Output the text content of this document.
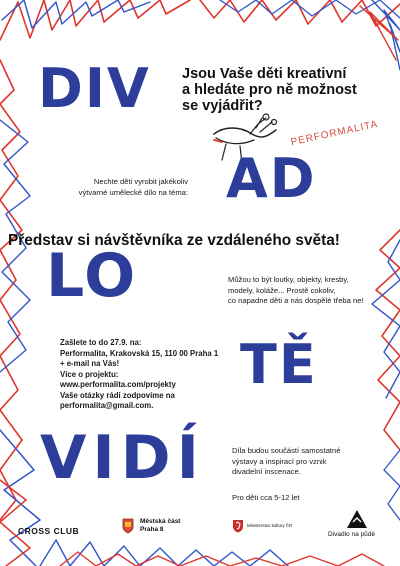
DIV
AD
LO
TĚ
VIDÍ
Jsou Vaše děti kreativní
a hledáte pro ně možnost
se vyjádřit?
PERFORMALITA
Nechte děti vyrobit jakékoliv
výtvarné umělecké dílo na téma:
Představ si návštěvníka ze vzdáleného světa!
Můžou to být loutky, objekty, kresby,
modely, koláže... Prostě cokoliv,
co napadne děti a nás dospělé třeba ne!
Zašlete to do 27.9. na:
Performalita, Krakovská 15, 110 00 Praha 1
+ e-mail na Vás!
Více o projektu:
www.performalita.com/projekty
Vaše otázky rádi zodpovíme na
performalita@gmail.com.
Díla budou součástí samostatné
výstavy a inspirací pro vznik
divadelní inscenace.
Pro děti cca 5-12 let
CROSS CLUB
Městská část
Praha 8
Ministerstvo kultury ČR
Divadlo na půdě
